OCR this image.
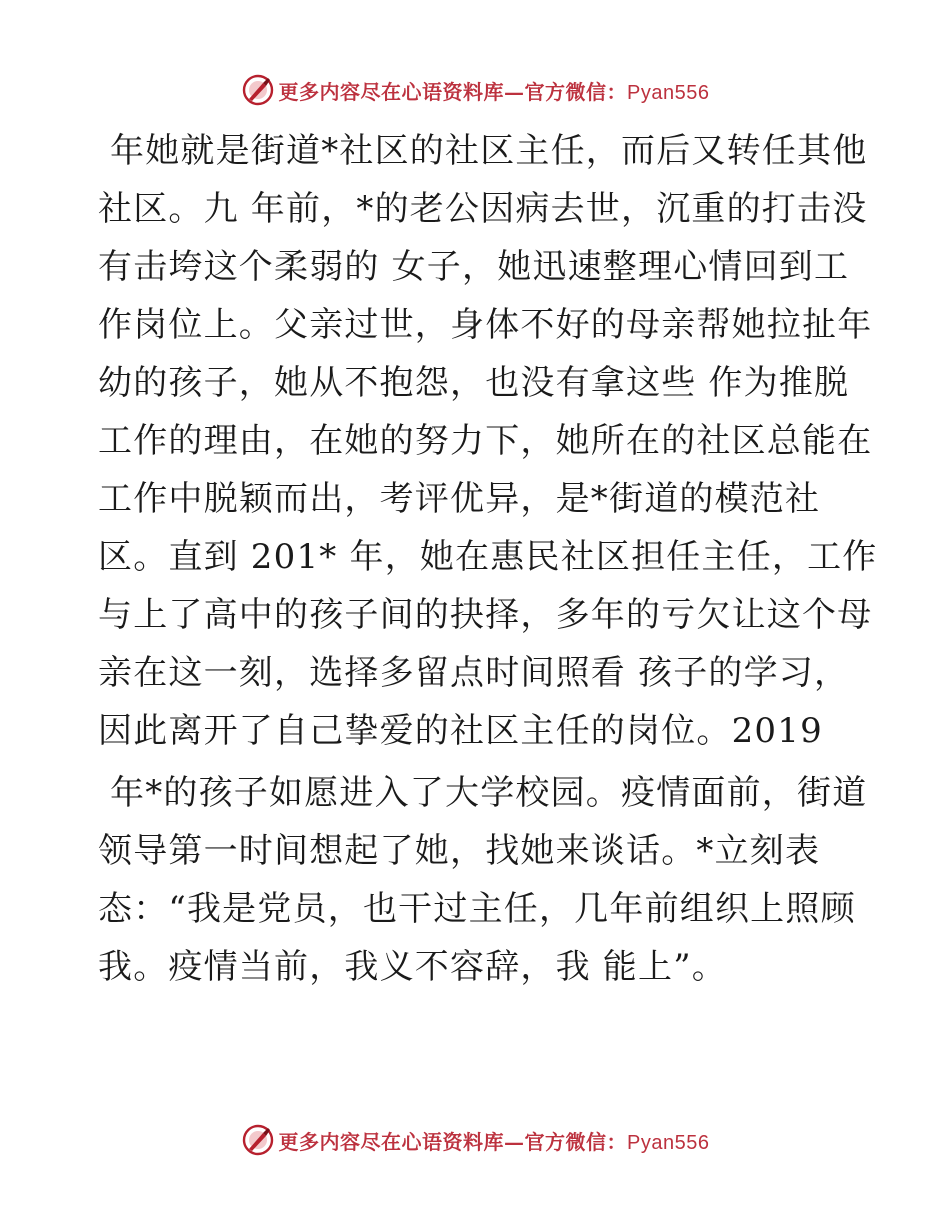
更多内容尽在心语资料库—官方微信：Pyan556
年她就是街道*社区的社区主任，而后又转任其他
社区。九 年前，*的老公因病去世，沉重的打击没
有击垮这个柔弱的 女子，她迅速整理心情回到工
作岗位上。父亲过世，身体不好的母亲帮她拉扯年
幼的孩子，她从不抱怨，也没有拿这些 作为推脱
工作的理由，在她的努力下，她所在的社区总能在
工作中脱颖而出，考评优异，是*街道的模范社
区。直到 201* 年，她在惠民社区担任主任，工作
与上了高中的孩子间的抉择，多年的亏欠让这个母
亲在这一刻，选择多留点时间照看 孩子的学习，
因此离开了自己挚爱的社区主任的岗位。2019
年*的孩子如愿进入了大学校园。疫情面前，街道
领导第一时间想起了她，找她来谈话。*立刻表
态：“我是党员，也干过主任，几年前组织上照顾
我。疫情当前，我义不容辞，我 能上”。
更多内容尽在心语资料库—官方微信：Pyan556
